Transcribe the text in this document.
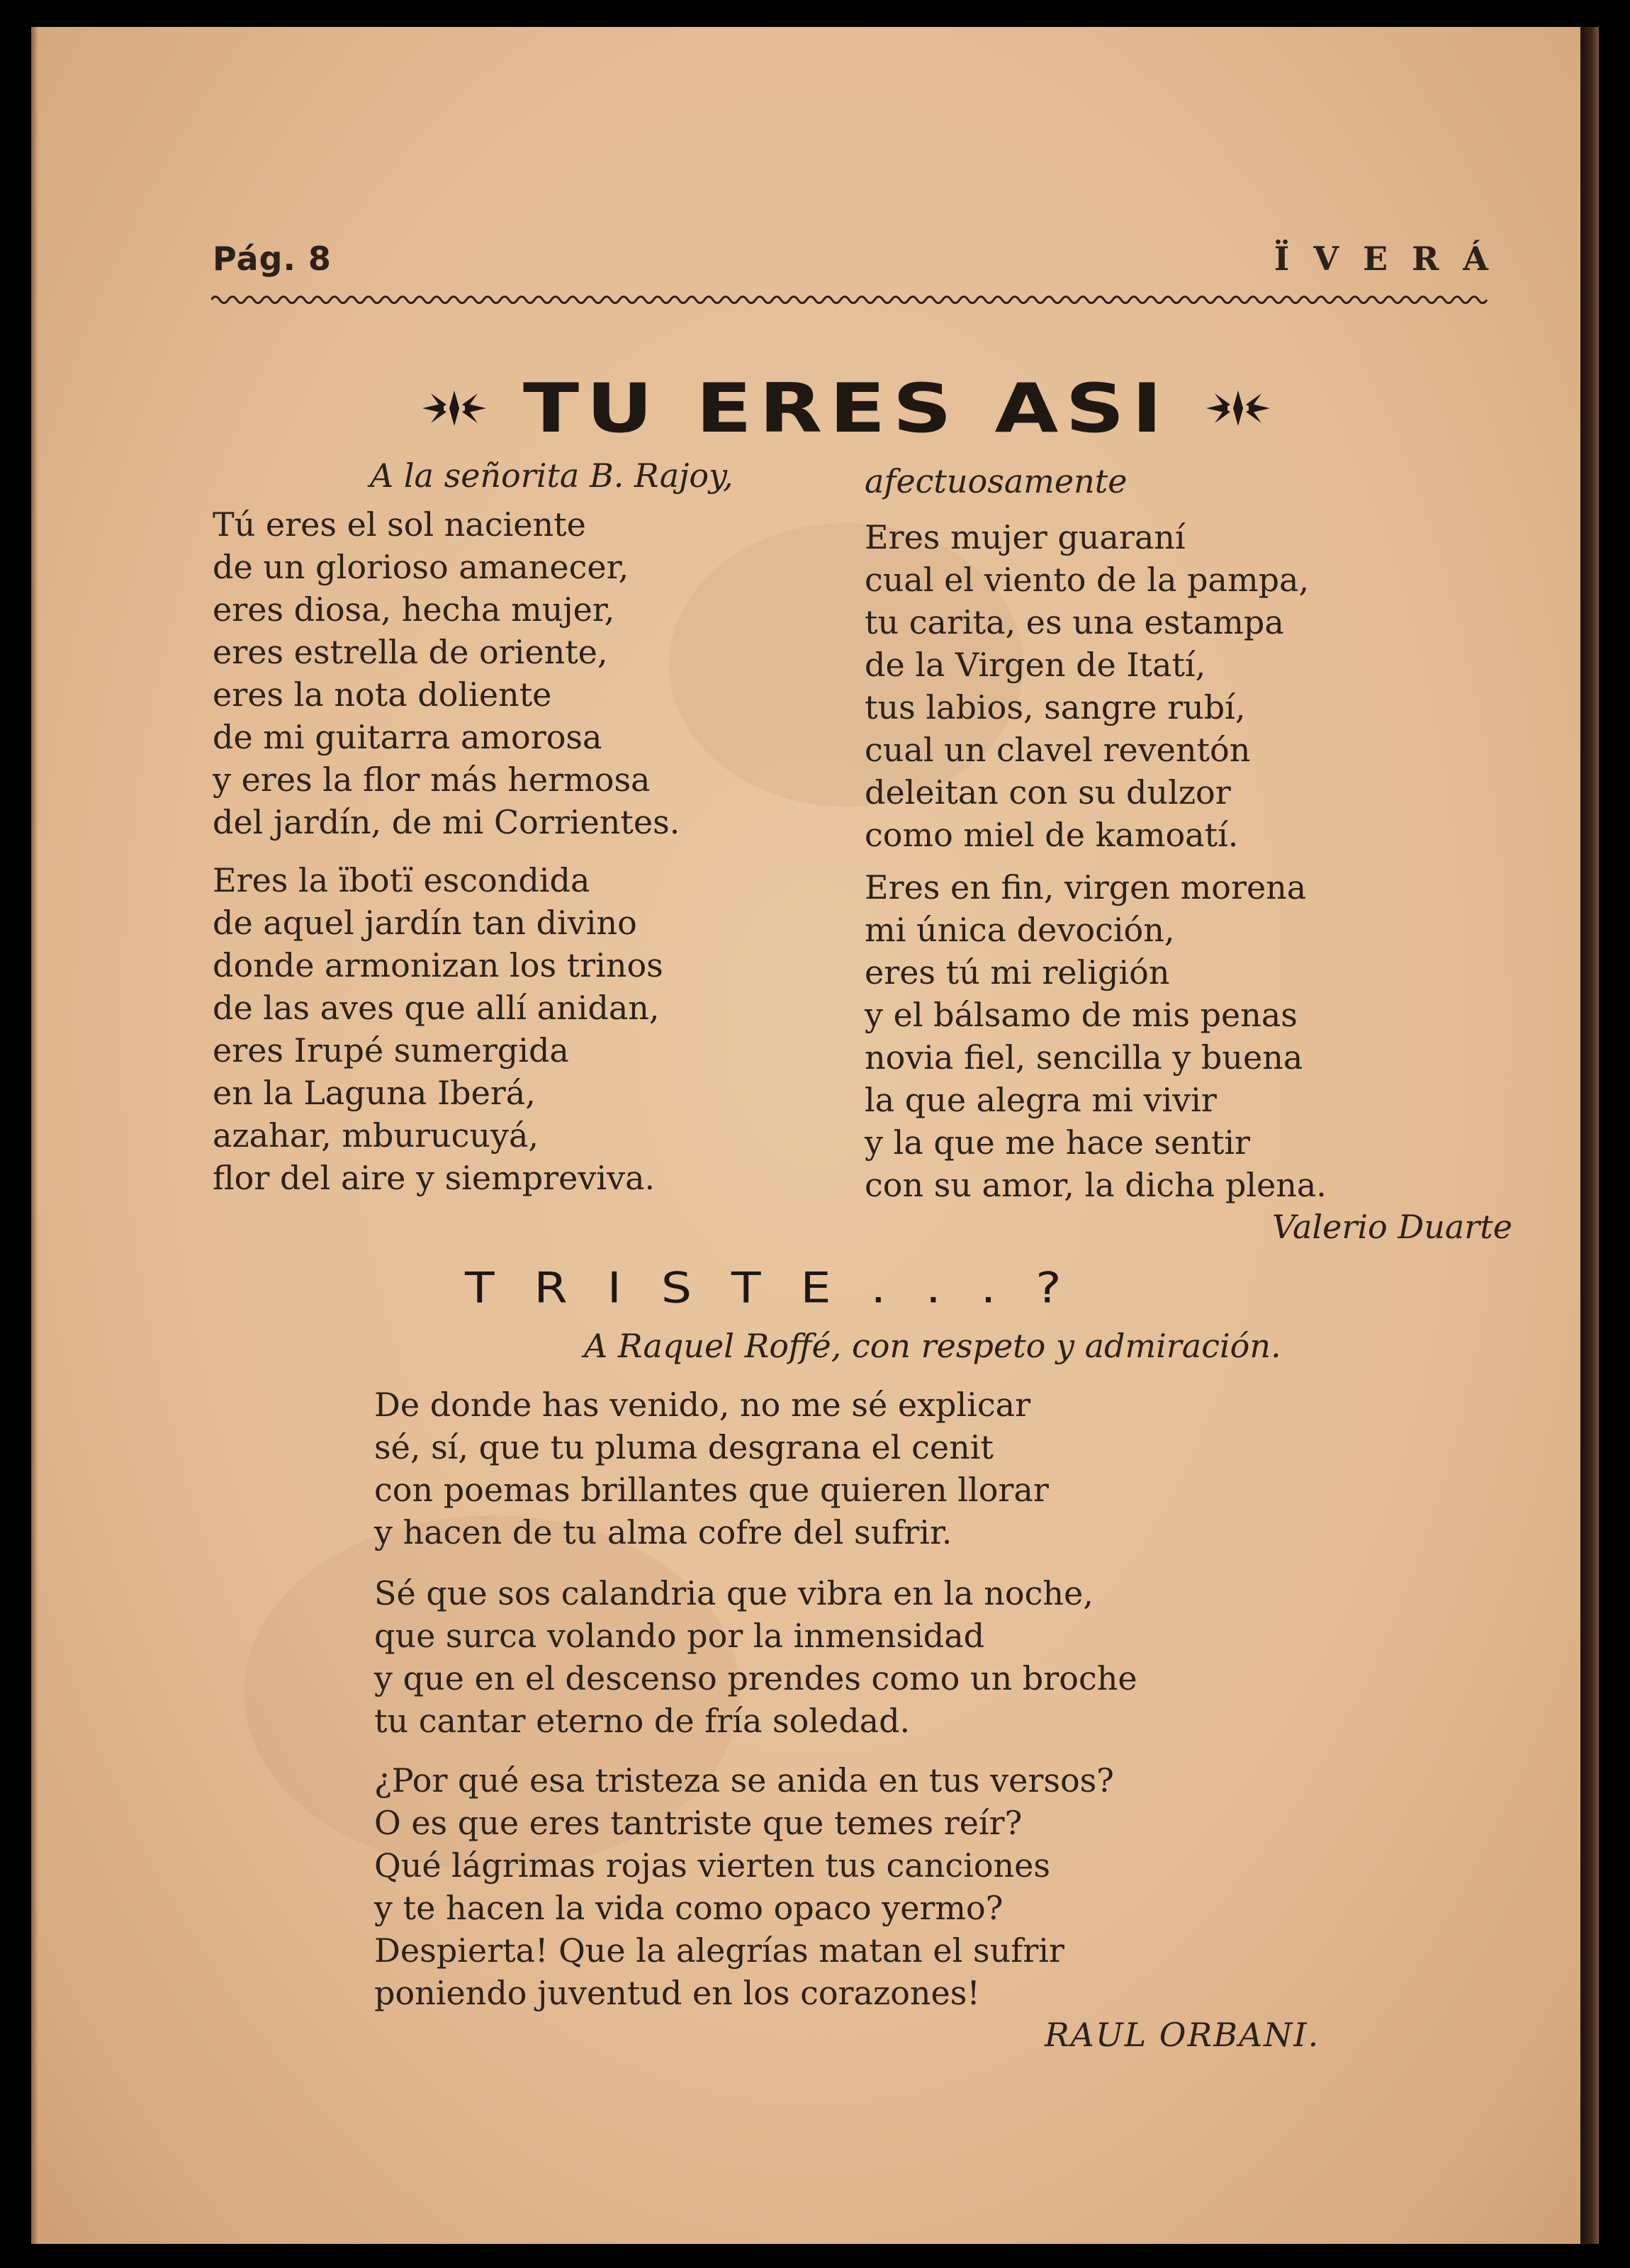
Pág. 8	ÏVERÁ
TU ERES ASI
A la señorita B. Rajoy,	afectuosamente
Tú eres el sol naciente
de un glorioso amanecer,
eres diosa, hecha mujer,
eres estrella de oriente,
eres la nota doliente
de mi guitarra amorosa
y eres la flor más hermosa
del jardín, de mi Corrientes.
Eres la ïbotï escondida
de aquel jardín tan divino
donde armonizan los trinos
de las aves que allí anidan,
eres Irupé sumergida
en la Laguna Iberá,
azahar, mburucuyá,
flor del aire y siempreviva.
Eres mujer guaraní
cual el viento de la pampa,
tu carita, es una estampa
de la Virgen de Itatí,
tus labios, sangre rubí,
cual un clavel reventón
deleitan con su dulzor
como miel de kamoatí.
Eres en fin, virgen morena
mi única devoción,
eres tú mi religión
y el bálsamo de mis penas
novia fiel, sencilla y buena
la que alegra mi vivir
y la que me hace sentir
con su amor, la dicha plena.
Valerio Duarte
TRISTE...?
A Raquel Roffé, con respeto y admiración.
De donde has venido, no me sé explicar
sé, sí, que tu pluma desgrana el cenit
con poemas brillantes que quieren llorar
y hacen de tu alma cofre del sufrir.
Sé que sos calandria que vibra en la noche,
que surca volando por la inmensidad
y que en el descenso prendes como un broche
tu cantar eterno de fría soledad.
¿Por qué esa tristeza se anida en tus versos?
O es que eres tantriste que temes reír?
Qué lágrimas rojas vierten tus canciones
y te hacen la vida como opaco yermo?
Despierta! Que la alegrías matan el sufrir
poniendo juventud en los corazones!
RAUL ORBANI.
